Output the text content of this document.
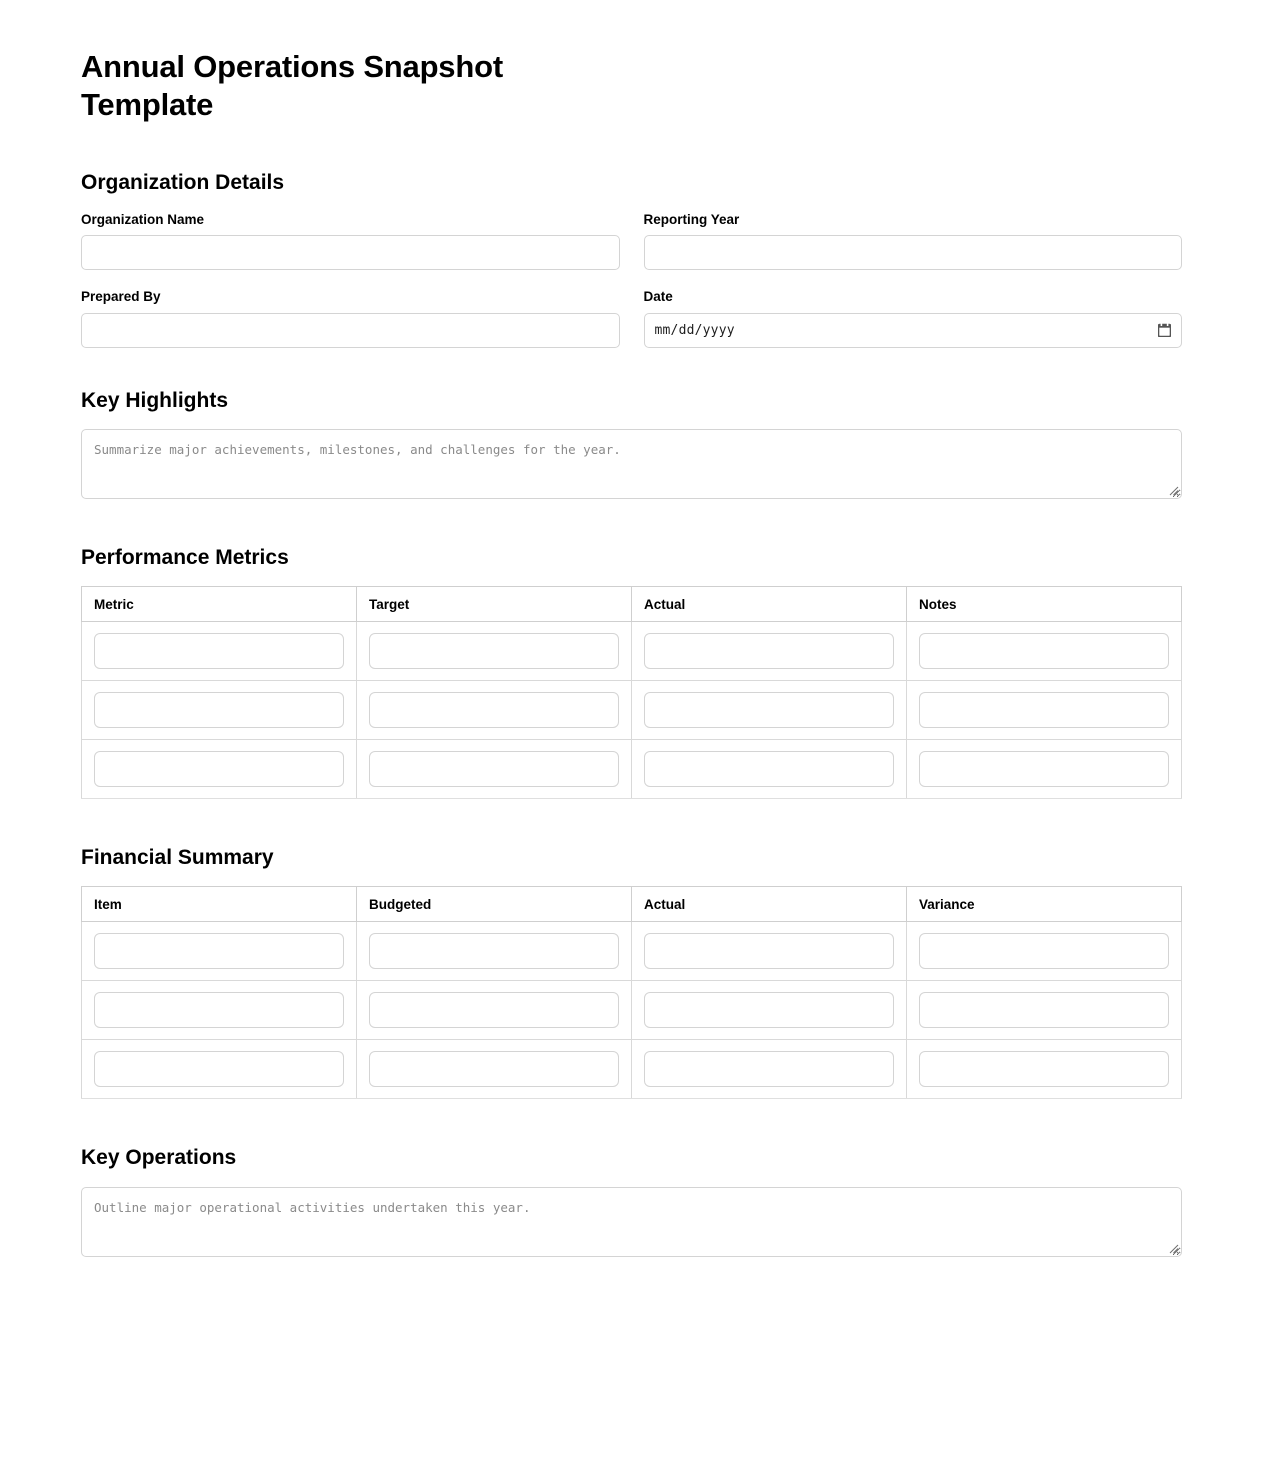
Annual Operations Snapshot Template
Organization Details
Organization Name	Reporting Year
Prepared By	Date
mm/dd/yyyy
Key Highlights
Summarize major achievements, milestones, and challenges for the year.
Performance Metrics
Metric	Target	Actual	Notes

Financial Summary
Item	Budgeted	Actual	Variance

Key Operations
Outline major operational activities undertaken this year.
